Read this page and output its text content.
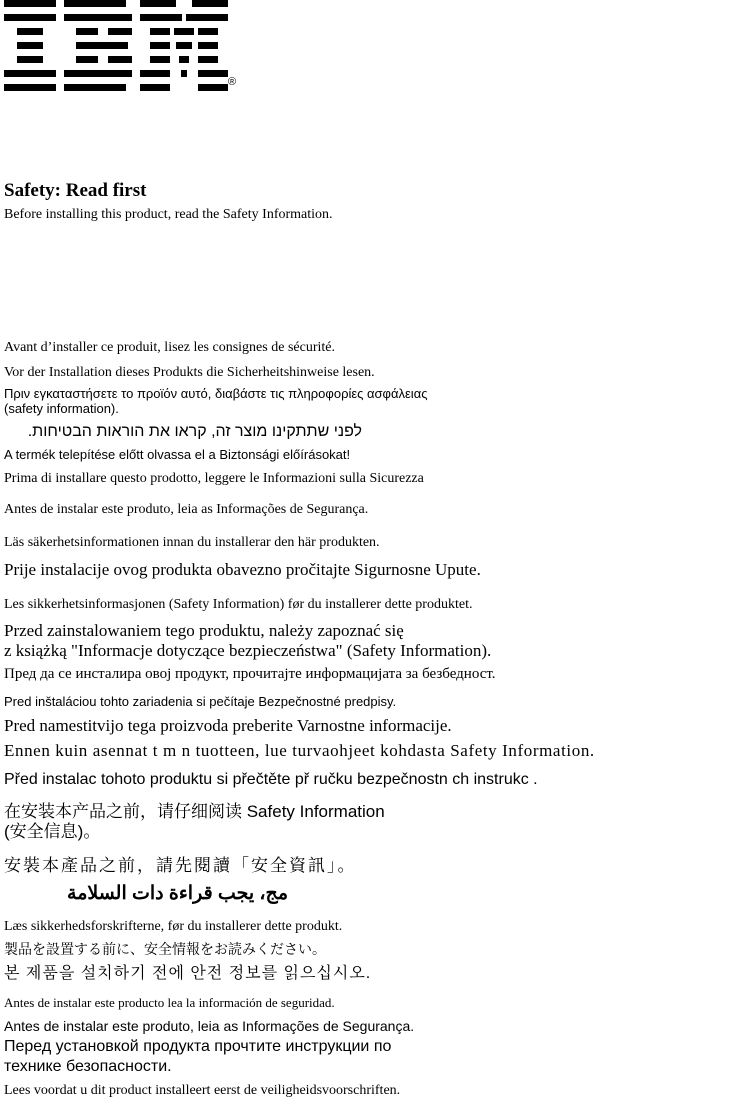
®
Safety: Read first
Before installing this product, read the Safety Information.
Avant d’installer ce produit, lisez les consignes de sécurité.
Vor der Installation dieses Produkts die Sicherheitshinweise lesen.
Πριν εγκαταστήσετε το προϊόν αυτό, διαβάστε τις πληροφορίες ασφάλειας
(safety information).
לפני שתתקינו מוצר זה, קראו את הוראות הבטיחות.
A termék telepítése előtt olvassa el a Biztonsági előírásokat!
Prima di installare questo prodotto, leggere le Informazioni sulla Sicurezza
Antes de instalar este produto, leia as Informações de Segurança.
Läs säkerhetsinformationen innan du installerar den här produkten.
Prije instalacije ovog produkta obavezno pročitajte Sigurnosne Upute.
Les sikkerhetsinformasjonen (Safety Information) før du installerer dette produktet.
Przed zainstalowaniem tego produktu, należy zapoznać się
z książką "Informacje dotyczące bezpieczeństwa" (Safety Information).
Пред да се инсталира овој продукт, прочитајте информацијата за безбедност.
Pred inštaláciou tohto zariadenia si pečítaje Bezpečnostné predpisy.
Pred namestitvijo tega proizvoda preberite Varnostne informacije.
Ennen kuin asennat t m n tuotteen, lue turvaohjeet kohdasta Safety Information.
Před instalac tohoto produktu si přečtěte př ručku bezpečnostn ch instrukc .
在安装本产品之前，请仔细阅读 Safety Information
(安全信息)。
安裝本產品之前，請先閱讀「安全資訊」。
مج، يجب قراءة دات السلامة
Læs sikkerhedsforskrifterne, før du installerer dette produkt.
製品を設置する前に、安全情報をお読みください。
본 제품을 설치하기 전에 안전 정보를 읽으십시오.
Antes de instalar este producto lea la información de seguridad.
Antes de instalar este produto, leia as Informações de Segurança.
Перед установкой продукта прочтите инструкции по
технике безопасности.
Lees voordat u dit product installeert eerst de veiligheidsvoorschriften.
